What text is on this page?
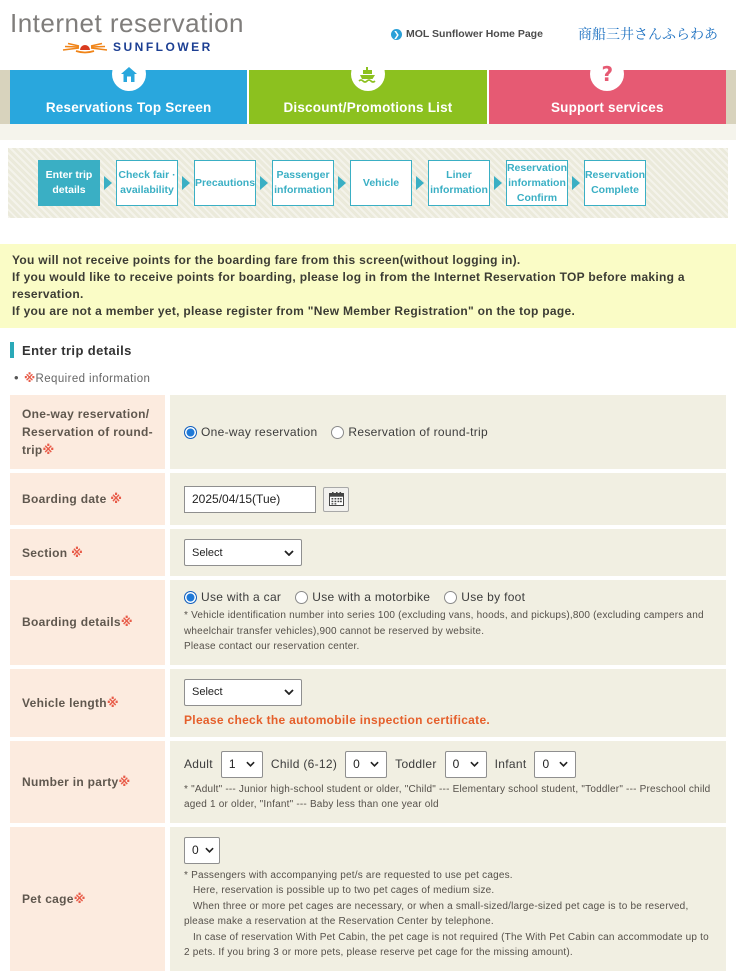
Internet reservation
SUNFLOWER
❯ MOL Sunflower Home Page	商船三井さんふらわあ
Reservations Top Screen	Discount/Promotions List
?
Support services
Enter trip details
Check fair · availability
Precautions
Passenger information
Vehicle
Liner information
Reservation information Confirm
Reservation Complete
You will not receive points for the boarding fare from this screen(without logging in).
If you would like to receive points for boarding, please log in from the Internet Reservation TOP before making a reservation.
If you are not a member yet, please register from "New Member Registration" on the top page.
Enter trip details
• ※Required information
One-way reservation/ Reservation of round-trip※
One-way reservation	Reservation of round-trip
Boarding date ※
2025/04/15(Tue)
Section ※	Select
Boarding details※
Use with a car	Use with a motorbike	Use by foot
* Vehicle identification number into series 100 (excluding vans, hoods, and pickups),800 (excluding campers and wheelchair transfer vehicles),900 cannot be reserved by website.
Please contact our reservation center.
Vehicle length※
Select
Please check the automobile inspection certificate.
Number in party※
Adult 1	Child (6-12) 0	Toddler 0	Infant 0
* "Adult" --- Junior high-school student or older, "Child" --- Elementary school student, "Toddler" --- Preschool child aged 1 or older, "Infant" --- Baby less than one year old
Pet cage※
0
* Passengers with accompanying pet/s are requested to use pet cages.
Here, reservation is possible up to two pet cages of medium size.
When three or more pet cages are necessary, or when a small-sized/large-sized pet cage is to be reserved, please make a reservation at the Reservation Center by telephone.
In case of reservation With Pet Cabin, the pet cage is not required (The With Pet Cabin can accommodate up to 2 pets. If you bring 3 or more pets, please reserve pet cage for the missing amount).
